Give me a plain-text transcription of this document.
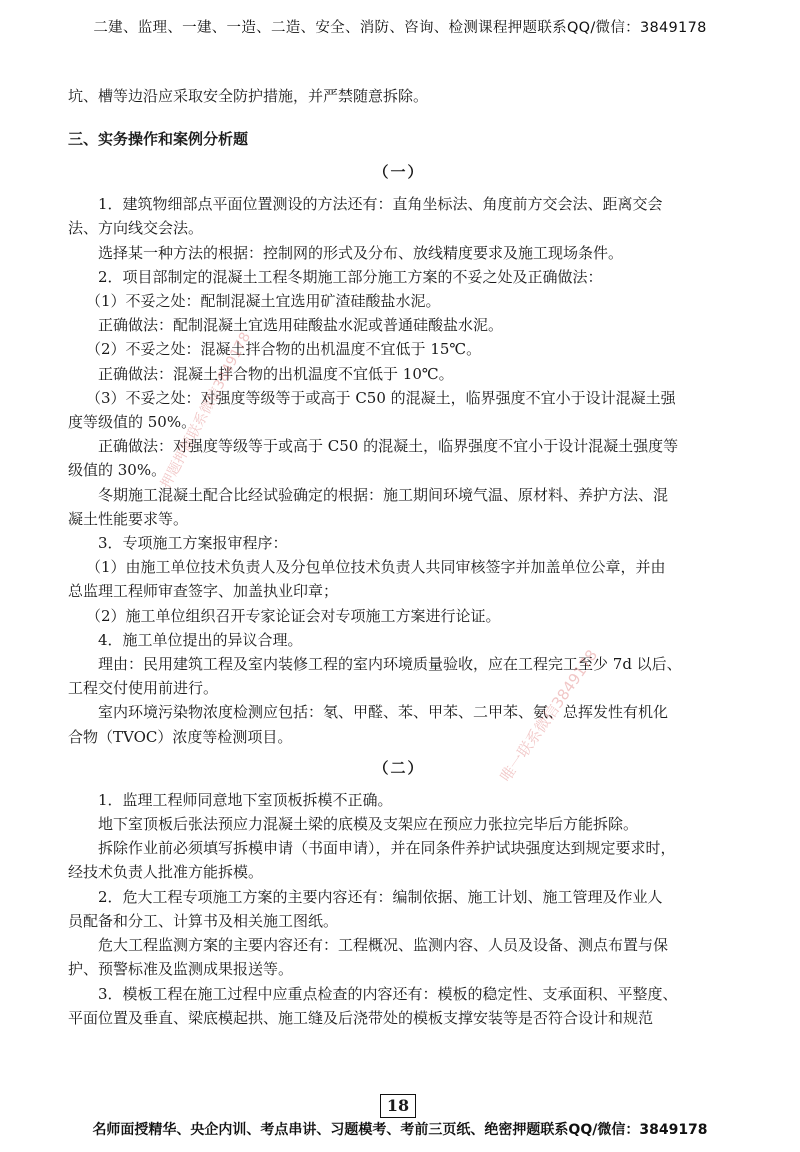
二建、监理、一建、一造、二造、安全、消防、咨询、检测课程押题联系QQ/微信：3849178
坑、槽等边沿应采取安全防护措施，并严禁随意拆除。
三、实务操作和案例分析题
（一）
1．建筑物细部点平面位置测设的方法还有：直角坐标法、角度前方交会法、距离交会
法、方向线交会法。
选择某一种方法的根据：控制网的形式及分布、放线精度要求及施工现场条件。
2．项目部制定的混凝土工程冬期施工部分施工方案的不妥之处及正确做法：
（1）不妥之处：配制混凝土宜选用矿渣硅酸盐水泥。
正确做法：配制混凝土宜选用硅酸盐水泥或普通硅酸盐水泥。
（2）不妥之处：混凝土拌合物的出机温度不宜低于 15℃。
正确做法：混凝土拌合物的出机温度不宜低于 10℃。
（3）不妥之处：对强度等级等于或高于 C50 的混凝土，临界强度不宜小于设计混凝土强
度等级值的 50%。
正确做法：对强度等级等于或高于 C50 的混凝土，临界强度不宜小于设计混凝土强度等
级值的 30%。
冬期施工混凝土配合比经试验确定的根据：施工期间环境气温、原材料、养护方法、混
凝土性能要求等。
3．专项施工方案报审程序：
（1）由施工单位技术负责人及分包单位技术负责人共同审核签字并加盖单位公章，并由
总监理工程师审查签字、加盖执业印章；
（2）施工单位组织召开专家论证会对专项施工方案进行论证。
4．施工单位提出的异议合理。
理由：民用建筑工程及室内装修工程的室内环境质量验收，应在工程完工至少 7d 以后、
工程交付使用前进行。
室内环境污染物浓度检测应包括：氡、甲醛、苯、甲苯、二甲苯、氨、总挥发性有机化
合物（TVOC）浓度等检测项目。
（二）
1．监理工程师同意地下室顶板拆模不正确。
地下室顶板后张法预应力混凝土梁的底模及支架应在预应力张拉完毕后方能拆除。
拆除作业前必须填写拆模申请（书面申请），并在同条件养护试块强度达到规定要求时，
经技术负责人批准方能拆模。
2．危大工程专项施工方案的主要内容还有：编制依据、施工计划、施工管理及作业人
员配备和分工、计算书及相关施工图纸。
危大工程监测方案的主要内容还有：工程概况、监测内容、人员及设备、测点布置与保
护、预警标准及监测成果报送等。
3．模板工程在施工过程中应重点检查的内容还有：模板的稳定性、支承面积、平整度、
平面位置及垂直、梁底模起拱、施工缝及后浇带处的模板支撑安装等是否符合设计和规范
押题押题联系微信3849178
唯一联系微信3849178
18
名师面授精华、央企内训、考点串讲、习题模考、考前三页纸、绝密押题联系QQ/微信：3849178
